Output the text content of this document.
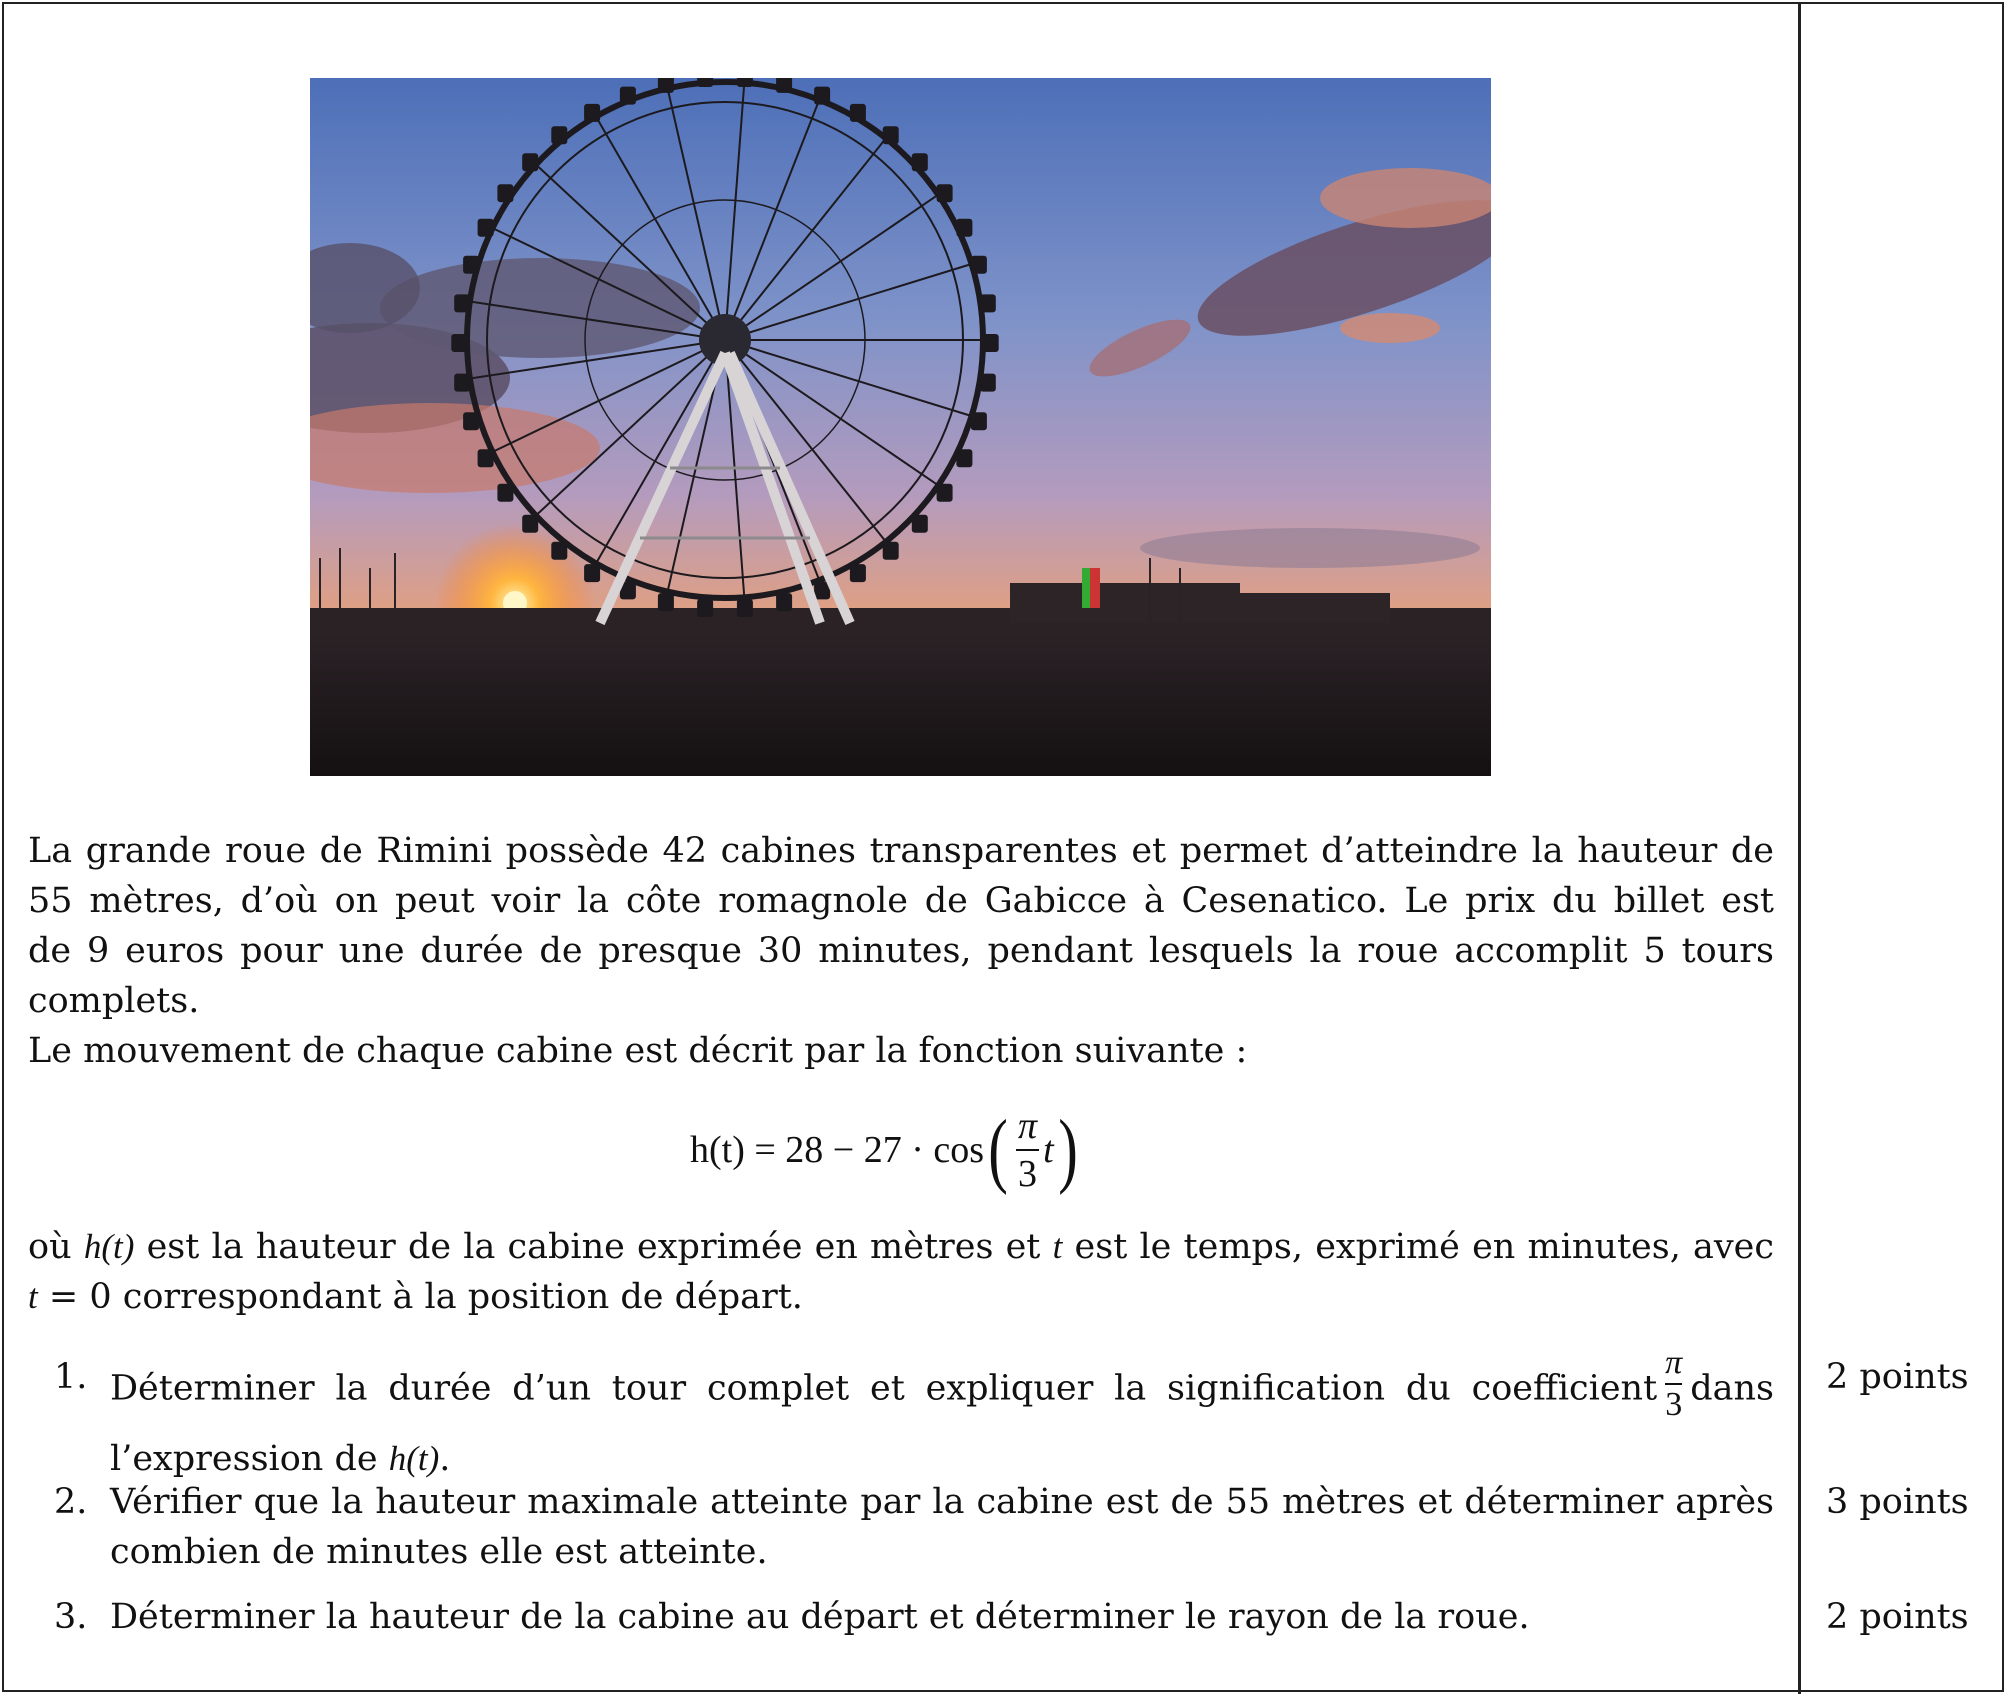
La grande roue de Rimini possède 42 cabines transparentes et permet d’atteindre la hauteur de
55 mètres, d’où on peut voir la côte romagnole de Gabicce à Cesenatico. Le prix du billet est
de 9 euros pour une durée de presque 30 minutes, pendant lesquels la roue accomplit 5 tours
complets.
Le mouvement de chaque cabine est décrit par la fonction suivante :
h(t) = 28 − 27 · cos ( $\frac{\pi}{3}$ t )
où h(t) est la hauteur de la cabine exprimée en mètres et t est le temps, exprimé en minutes, avec
t = 0 correspondant à la position de départ.
1. Déterminer la durée d’un tour complet et expliquer la signification du coefficient $\frac{\pi}{3}$ dans
l’expression de h(t).
2 points
2. Vérifier que la hauteur maximale atteinte par la cabine est de 55 mètres et déterminer après
combien de minutes elle est atteinte.
3 points
3. Déterminer la hauteur de la cabine au départ et déterminer le rayon de la roue.	2 points
